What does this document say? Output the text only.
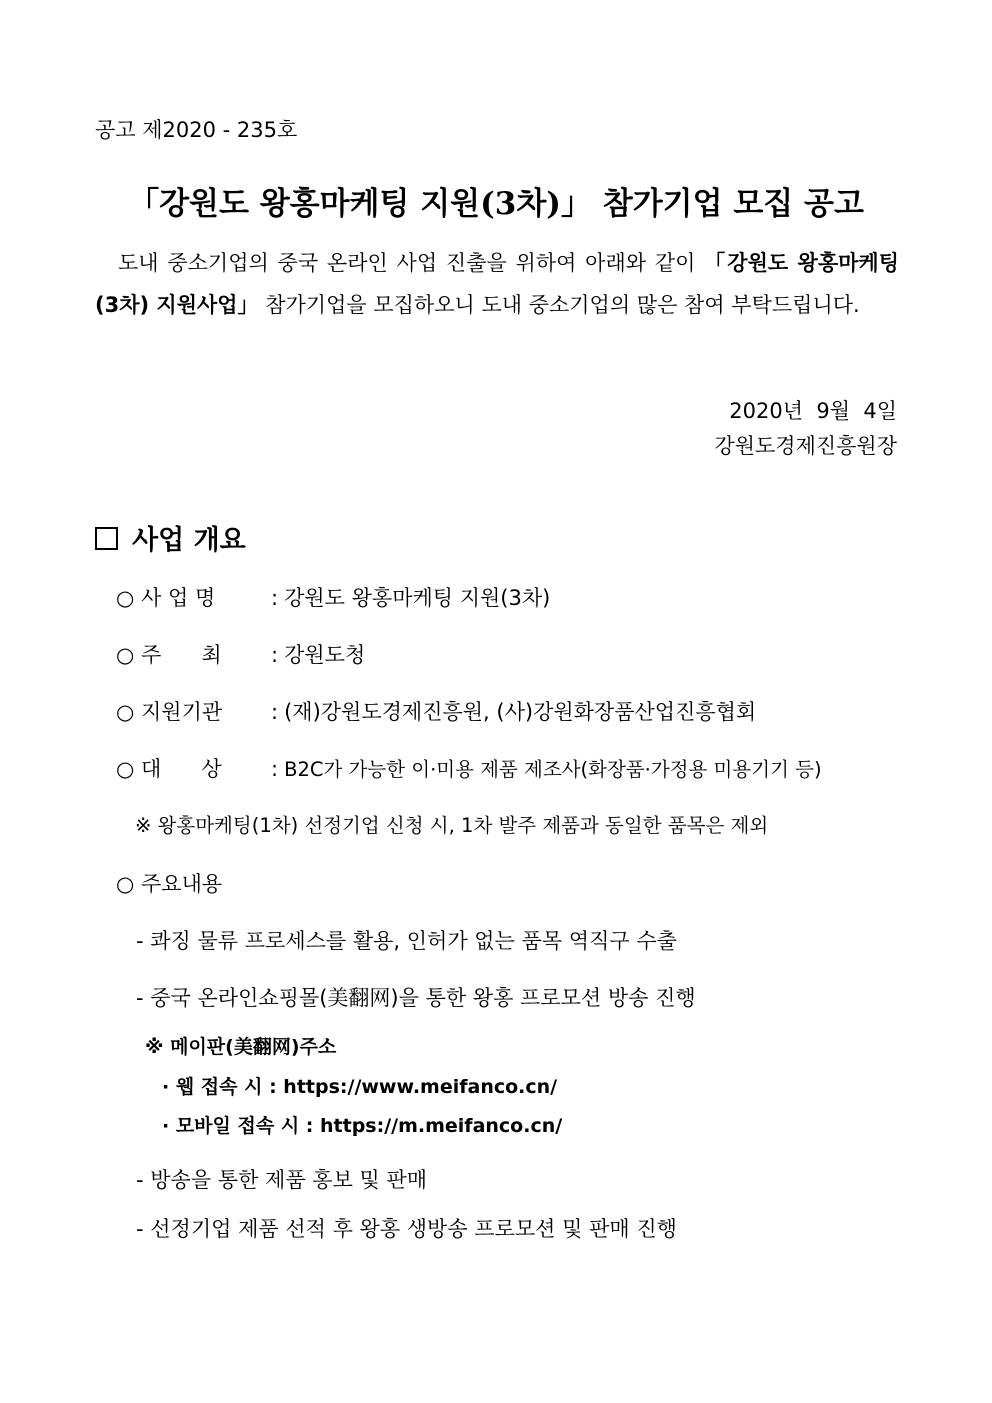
공고 제2020 - 235호
「강원도 왕홍마케팅 지원(3차)」 참가기업 모집 공고
도내 중소기업의 중국 온라인 사업 진출을 위하여 아래와 같이 「강원도 왕홍마케팅(3차) 지원사업」 참가기업을 모집하오니 도내 중소기업의 많은 참여 부탁드립니다.
2020년  9월  4일
강원도경제진흥원장
사업 개요
○ 사 업 명	: 강원도 왕홍마케팅 지원(3차)
○ 주      최 : 강원도청
○ 지원기관 : (재)강원도경제진흥원, (사)강원화장품산업진흥협회
○ 대      상 : B2C가 가능한 이·미용 제품 제조사(화장품·가정용 미용기기 등)
※ 왕홍마케팅(1차) 선정기업 신청 시, 1차 발주 제품과 동일한 품목은 제외
○ 주요내용
- 콰징 물류 프로세스를 활용, 인허가 없는 품목 역직구 수출
- 중국 온라인쇼핑몰(美翻网)을 통한 왕홍 프로모션 방송 진행
※ 메이판(美翻网)주소
· 웹 접속 시 : https://www.meifanco.cn/
· 모바일 접속 시 : https://m.meifanco.cn/
- 방송을 통한 제품 홍보 및 판매
- 선정기업 제품 선적 후 왕홍 생방송 프로모션 및 판매 진행
